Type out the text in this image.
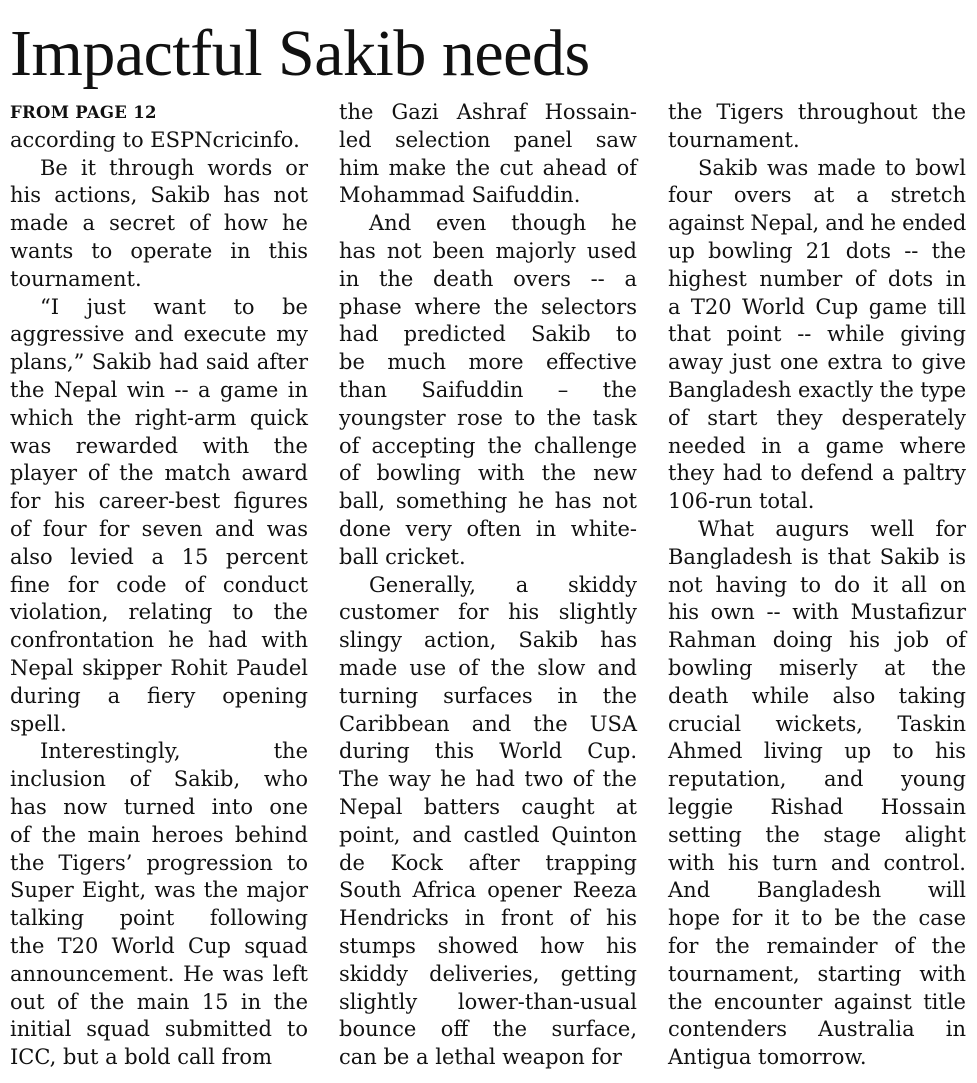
Impactful Sakib needs
FROM PAGE 12
according to ESPNcricinfo.
Be it through words or
his actions, Sakib has not
made a secret of how he
wants to operate in this
tournament.
“I just want to be
aggressive and execute my
plans,” Sakib had said after
the Nepal win -- a game in
which the right-arm quick
was rewarded with the
player of the match award
for his career-best figures
of four for seven and was
also levied a 15 percent
fine for code of conduct
violation, relating to the
confrontation he had with
Nepal skipper Rohit Paudel
during a fiery opening
spell.
Interestingly, the
inclusion of Sakib, who
has now turned into one
of the main heroes behind
the Tigers’ progression to
Super Eight, was the major
talking point following
the T20 World Cup squad
announcement. He was left
out of the main 15 in the
initial squad submitted to
ICC, but a bold call from
the Gazi Ashraf Hossain-
led selection panel saw
him make the cut ahead of
Mohammad Saifuddin.
And even though he
has not been majorly used
in the death overs -- a
phase where the selectors
had predicted Sakib to
be much more effective
than Saifuddin – the
youngster rose to the task
of accepting the challenge
of bowling with the new
ball, something he has not
done very often in white-
ball cricket.
Generally, a skiddy
customer for his slightly
slingy action, Sakib has
made use of the slow and
turning surfaces in the
Caribbean and the USA
during this World Cup.
The way he had two of the
Nepal batters caught at
point, and castled Quinton
de Kock after trapping
South Africa opener Reeza
Hendricks in front of his
stumps showed how his
skiddy deliveries, getting
slightly lower-than-usual
bounce off the surface,
can be a lethal weapon for
the Tigers throughout the
tournament.
Sakib was made to bowl
four overs at a stretch
against Nepal, and he ended
up bowling 21 dots -- the
highest number of dots in
a T20 World Cup game till
that point -- while giving
away just one extra to give
Bangladesh exactly the type
of start they desperately
needed in a game where
they had to defend a paltry
106-run total.
What augurs well for
Bangladesh is that Sakib is
not having to do it all on
his own -- with Mustafizur
Rahman doing his job of
bowling miserly at the
death while also taking
crucial wickets, Taskin
Ahmed living up to his
reputation, and young
leggie Rishad Hossain
setting the stage alight
with his turn and control.
And Bangladesh will
hope for it to be the case
for the remainder of the
tournament, starting with
the encounter against title
contenders Australia in
Antigua tomorrow.
